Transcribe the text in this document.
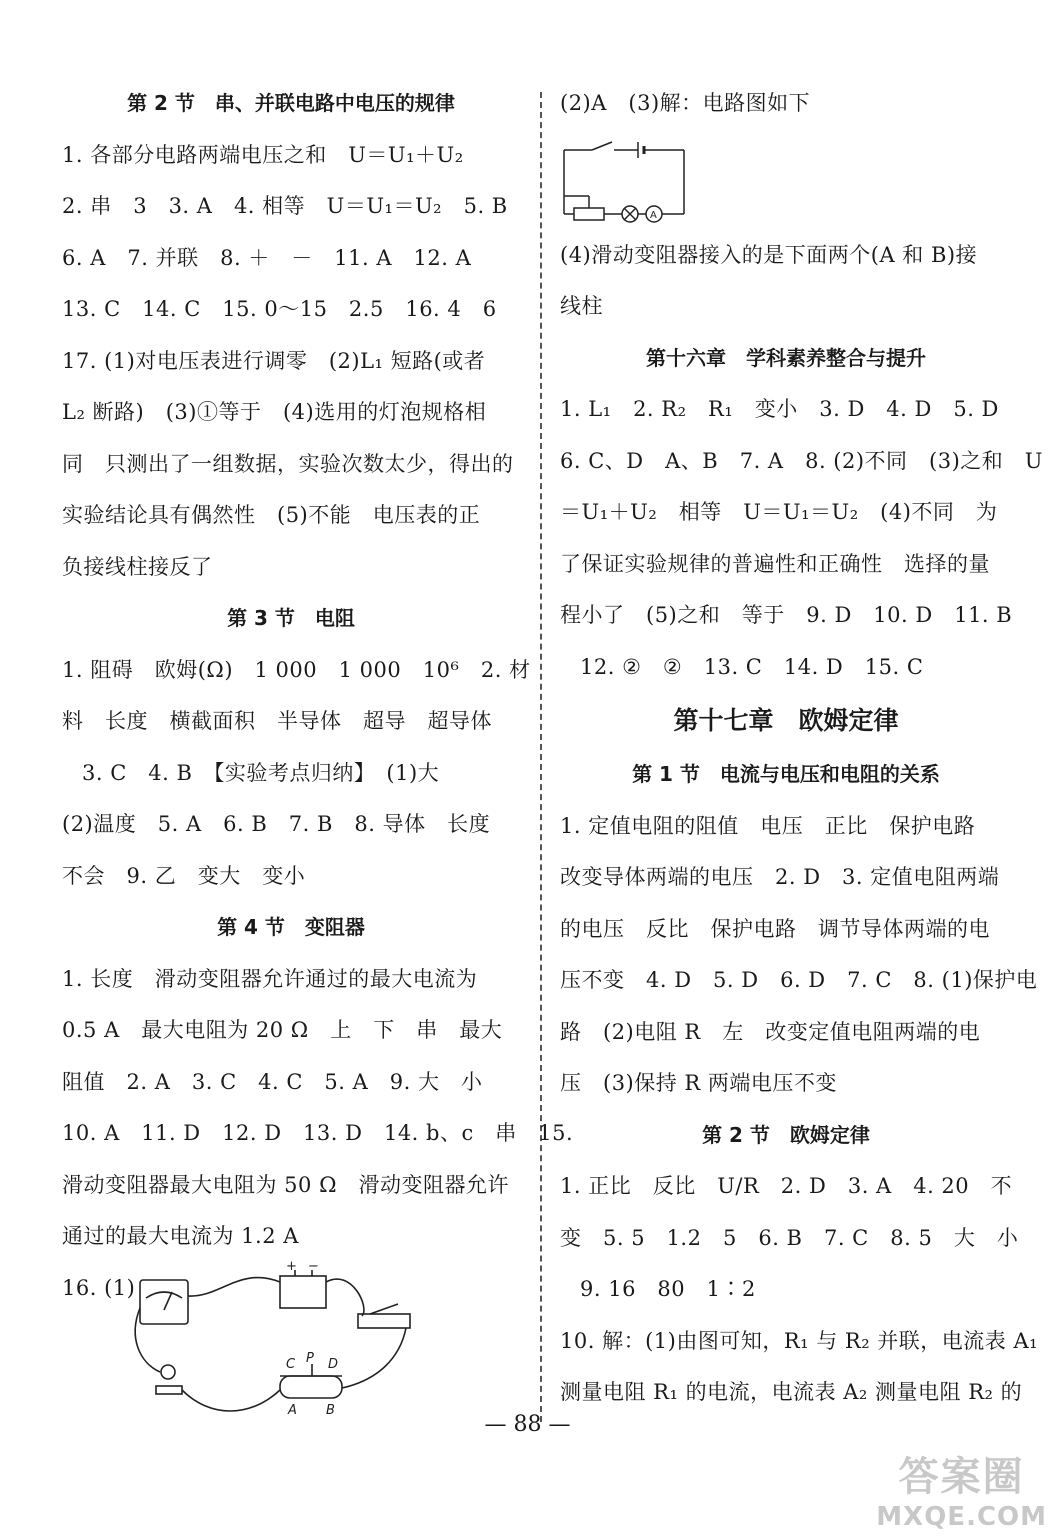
第 2 节　串、并联电路中电压的规律
1. 各部分电路两端电压之和　U＝U₁＋U₂
2. 串　3　3. A　4. 相等　U＝U₁＝U₂　5. B
6. A　7. 并联　8. ＋　－　11. A　12. A
13. C　14. C　15. 0～15　2.5　16. 4　6
17. (1)对电压表进行调零　(2)L₁ 短路(或者
L₂ 断路)　(3)①等于　(4)选用的灯泡规格相
同　只测出了一组数据，实验次数太少，得出的
实验结论具有偶然性　(5)不能　电压表的正
负接线柱接反了
第 3 节　电阻
1. 阻碍　欧姆(Ω)　1 000　1 000　10⁶　2. 材
料　长度　横截面积　半导体　超导　超导体
3. C　4. B　【实验考点归纳】　(1)大
(2)温度　5. A　6. B　7. B　8. 导体　长度
不会　9. 乙　变大　变小
第 4 节　变阻器
1. 长度　滑动变阻器允许通过的最大电流为
0.5 A　最大电阻为 20 Ω　上　下　串　最大
阻值　2. A　3. C　4. C　5. A　9. 大　小
10. A　11. D　12. D　13. D　14. b、c　串　15.
滑动变阻器最大电阻为 50 Ω　滑动变阻器允许
通过的最大电流为 1.2 A
16. (1)
+ −
C P D
A B
(2)A　(3)解：电路图如下
A
(4)滑动变阻器接入的是下面两个(A 和 B)接
线柱
第十六章　学科素养整合与提升
1. L₁　2. R₂　R₁　变小　3. D　4. D　5. D
6. C、D　A、B　7. A　8. (2)不同　(3)之和　U
＝U₁＋U₂　相等　U＝U₁＝U₂　(4)不同　为
了保证实验规律的普遍性和正确性　选择的量
程小了　(5)之和　等于　9. D　10. D　11. B
12. ②　②　13. C　14. D　15. C
第十七章　欧姆定律
第 1 节　电流与电压和电阻的关系
1. 定值电阻的阻值　电压　正比　保护电路
改变导体两端的电压　2. D　3. 定值电阻两端
的电压　反比　保护电路　调节导体两端的电
压不变　4. D　5. D　6. D　7. C　8. (1)保护电
路　(2)电阻 R　左　改变定值电阻两端的电
压　(3)保持 R 两端电压不变
第 2 节　欧姆定律
1. 正比　反比　U/R　2. D　3. A　4. 20　不
变　5. 5　1.2　5　6. B　7. C　8. 5　大　小
9. 16　80　1∶2
10. 解：(1)由图可知，R₁ 与 R₂ 并联，电流表 A₁
测量电阻 R₁ 的电流，电流表 A₂ 测量电阻 R₂ 的
— 88 —
答案圈
MXQE.COM
